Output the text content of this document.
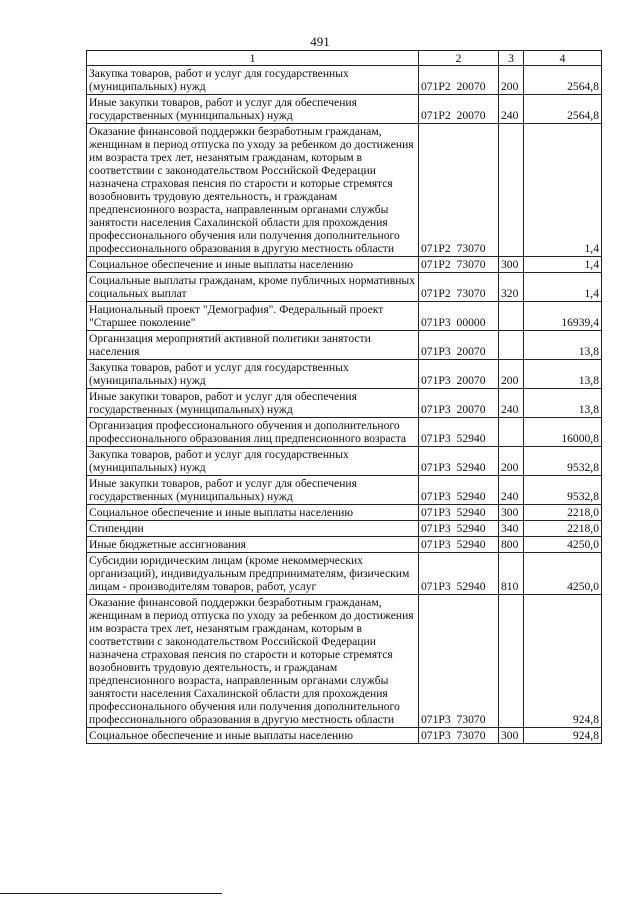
491
1	2	3	4
Закупка товаров, работ и услуг для государственных (муниципальных) нужд	071Р2 20070	200	2564,8
Иные закупки товаров, работ и услуг для обеспечения государственных (муниципальных) нужд	071Р2 20070	240	2564,8
Оказание финансовой поддержки безработным гражданам, женщинам в период отпуска по уходу за ребенком до достижения им возраста трех лет, незанятым гражданам, которым в соответствии с законодательством Российской Федерации назначена страховая пенсия по старости и которые стремятся возобновить трудовую деятельность, и гражданам предпенсионного возраста, направленным органами службы занятости населения Сахалинской области для прохождения профессионального обучения или получения дополнительного профессионального образования в другую местность области	071Р2 73070		1,4
Социальное обеспечение и иные выплаты населению	071Р2 73070	300	1,4
Социальные выплаты гражданам, кроме публичных нормативных социальных выплат	071Р2 73070	320	1,4
Национальный проект "Демография". Федеральный проект "Старшее поколение"	071Р3 00000		16939,4
Организация мероприятий активной политики занятости населения	071Р3 20070		13,8
Закупка товаров, работ и услуг для государственных (муниципальных) нужд	071Р3 20070	200	13,8
Иные закупки товаров, работ и услуг для обеспечения государственных (муниципальных) нужд	071Р3 20070	240	13,8
Организация профессионального обучения и дополнительного профессионального образования лиц предпенсионного возраста	071Р3 52940		16000,8
Закупка товаров, работ и услуг для государственных (муниципальных) нужд	071Р3 52940	200	9532,8
Иные закупки товаров, работ и услуг для обеспечения государственных (муниципальных) нужд	071Р3 52940	240	9532,8
Социальное обеспечение и иные выплаты населению	071Р3 52940	300	2218,0
Стипендии	071Р3 52940	340	2218,0
Иные бюджетные ассигнования	071Р3 52940	800	4250,0
Субсидии юридическим лицам (кроме некоммерческих организаций), индивидуальным предпринимателям, физическим лицам - производителям товаров, работ, услуг	071Р3 52940	810	4250,0
Оказание финансовой поддержки безработным гражданам, женщинам в период отпуска по уходу за ребенком до достижения им возраста трех лет, незанятым гражданам, которым в соответствии с законодательством Российской Федерации назначена страховая пенсия по старости и которые стремятся возобновить трудовую деятельность, и гражданам предпенсионного возраста, направленным органами службы занятости населения Сахалинской области для прохождения профессионального обучения или получения дополнительного профессионального образования в другую местность области	071Р3 73070		924,8
Социальное обеспечение и иные выплаты населению	071Р3 73070	300	924,8
